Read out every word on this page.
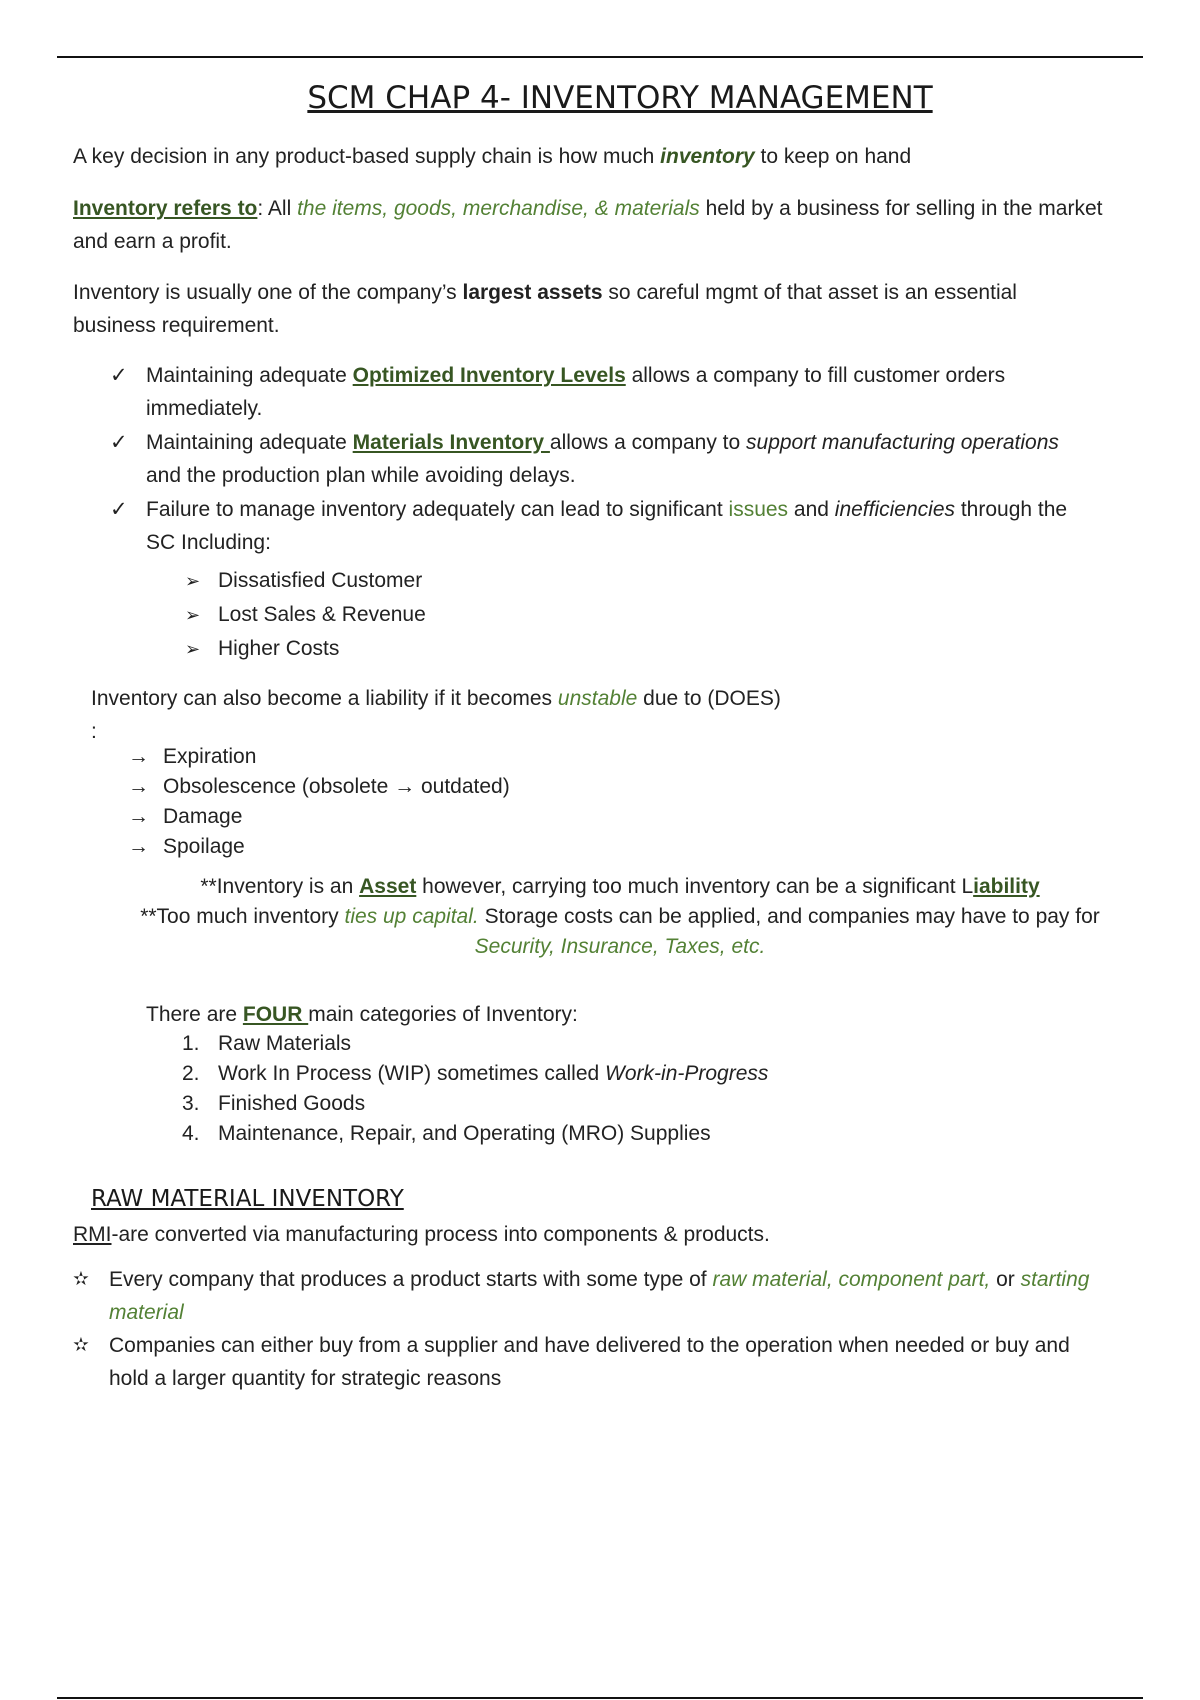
SCM CHAP 4- INVENTORY MANAGEMENT

A key decision in any product-based supply chain is how much inventory to keep on hand

Inventory refers to: All the items, goods, merchandise, & materials held by a business for selling in the market and earn a profit.

Inventory is usually one of the company’s largest assets so careful mgmt of that asset is an essential business requirement.

✓ Maintaining adequate Optimized Inventory Levels allows a company to fill customer orders immediately.
✓ Maintaining adequate Materials Inventory allows a company to support manufacturing operations and the production plan while avoiding delays.
✓ Failure to manage inventory adequately can lead to significant issues and inefficiencies through the SC Including:
➢ Dissatisfied Customer
➢ Lost Sales & Revenue
➢ Higher Costs

Inventory can also become a liability if it becomes unstable due to (DOES)
:

→ Expiration
→ Obsolescence (obsolete → outdated)
→ Damage
→ Spoilage
**Inventory is an Asset however, carrying too much inventory can be a significant Liability
**Too much inventory ties up capital. Storage costs can be applied, and companies may have to pay for Security, Insurance, Taxes, etc.

There are FOUR main categories of Inventory:

1. Raw Materials
2. Work In Process (WIP) sometimes called Work-in-Progress
3. Finished Goods
4. Maintenance, Repair, and Operating (MRO) Supplies
RAW MATERIAL INVENTORY

RMI-are converted via manufacturing process into components & products.

✫ Every company that produces a product starts with some type of raw material, component part, or starting material
✫ Companies can either buy from a supplier and have delivered to the operation when needed or buy and hold a larger quantity for strategic reasons
